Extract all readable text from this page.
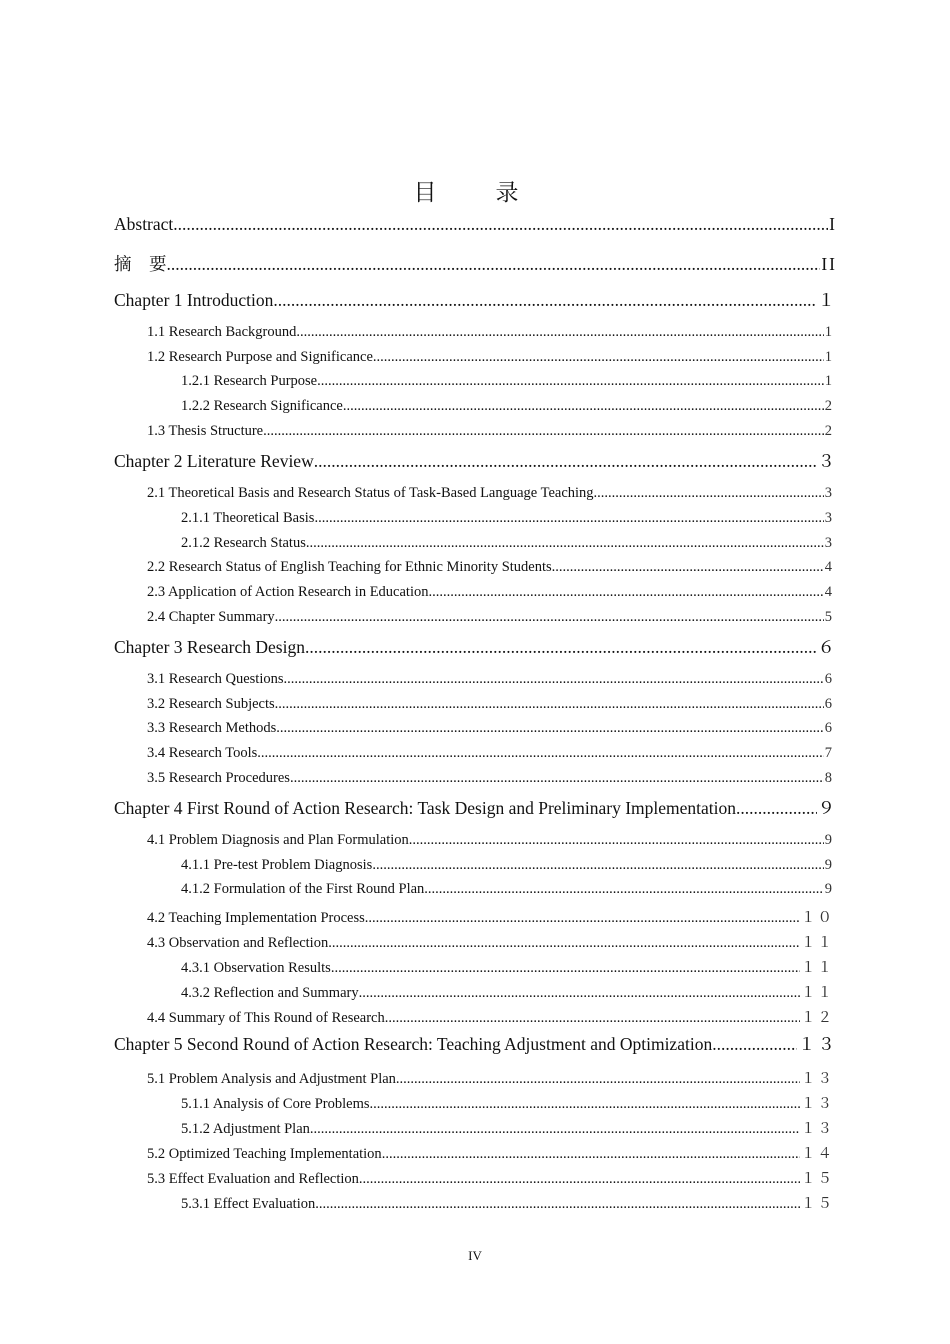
目　录
Abstract .....	I
摘　要 .....	II
Chapter 1 Introduction .....	１
1.1 Research Background .....	1
1.2 Research Purpose and Significance .....	1
1.2.1 Research Purpose .....	1
1.2.2 Research Significance .....	2
1.3 Thesis Structure .....	2
Chapter 2 Literature Review .....	３
2.1 Theoretical Basis and Research Status of Task-Based Language Teaching .....	3
2.1.1 Theoretical Basis .....	3
2.1.2 Research Status .....	3
2.2 Research Status of English Teaching for Ethnic Minority Students .....	4
2.3 Application of Action Research in Education .....	4
2.4 Chapter Summary .....	5
Chapter 3 Research Design .....	６
3.1 Research Questions .....	6
3.2 Research Subjects .....	6
3.3 Research Methods .....	6
3.4 Research Tools .....	7
3.5 Research Procedures .....	8
Chapter 4 First Round of Action Research: Task Design and Preliminary Implementation .....	９
4.1 Problem Diagnosis and Plan Formulation .....	9
4.1.1 Pre-test Problem Diagnosis .....	9
4.1.2 Formulation of the First Round Plan .....	9
4.2 Teaching Implementation Process .....	１０
4.3 Observation and Reflection .....	１１
4.3.1 Observation Results .....	１１
4.3.2 Reflection and Summary .....	１１
4.4 Summary of This Round of Research .....	１２
Chapter 5 Second Round of Action Research: Teaching Adjustment and Optimization .....	１３
5.1 Problem Analysis and Adjustment Plan .....	１３
5.1.1 Analysis of Core Problems .....	１３
5.1.2 Adjustment Plan .....	１３
5.2 Optimized Teaching Implementation .....	１４
5.3 Effect Evaluation and Reflection .....	１５
5.3.1 Effect Evaluation .....	１５
IV
